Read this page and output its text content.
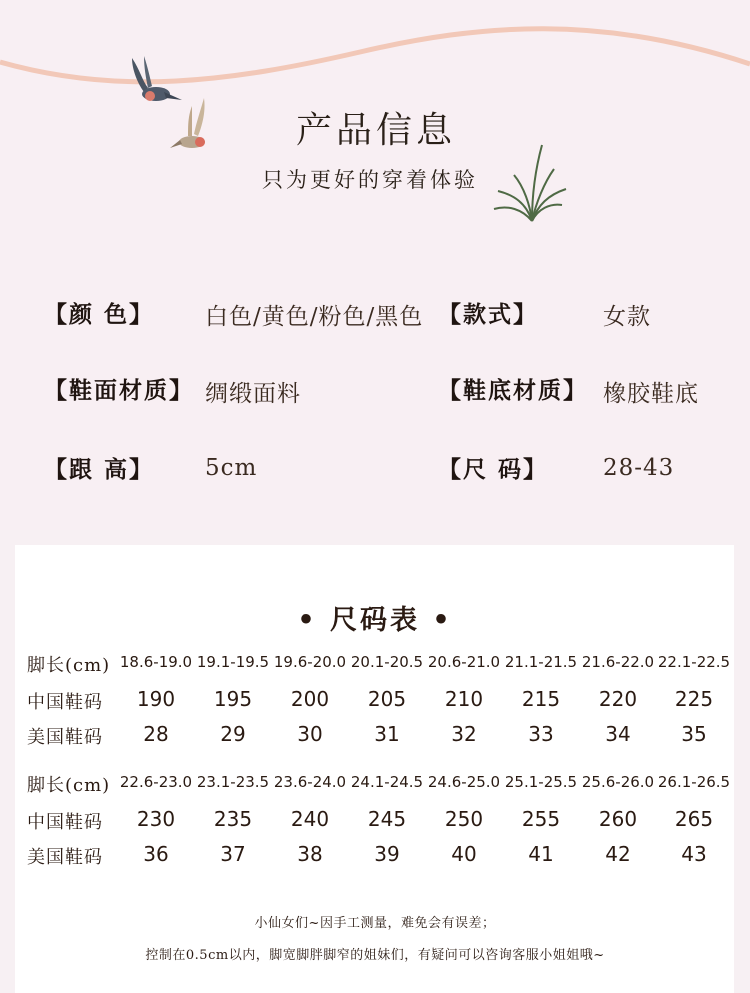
产品信息
只为更好的穿着体验
【颜 色】 白色/黄色/粉色/黑色 【款式】	女款
【鞋面材质】 绸缎面料	【鞋底材质】 橡胶鞋底
【跟 高】 5cm	【尺 码】 28-43
• 尺码表 •
脚长(cm) 18.6-19.0 19.1-19.5 19.6-20.0 20.1-20.5 20.6-21.0 21.1-21.5 21.6-22.0 22.1-22.5
中国鞋码	190	195	200	205	210	215	220	225
美国鞋码	28	29	30	31	32	33	34	35
脚长(cm) 22.6-23.0 23.1-23.5 23.6-24.0 24.1-24.5 24.6-25.0 25.1-25.5 25.6-26.0 26.1-26.5
中国鞋码	230	235	240	245	250	255	260	265
美国鞋码	36	37	38	39	40	41	42	43
小仙女们~因手工测量，难免会有误差；
控制在0.5cm以内，脚宽脚胖脚窄的姐妹们，有疑问可以咨询客服小姐姐哦~
